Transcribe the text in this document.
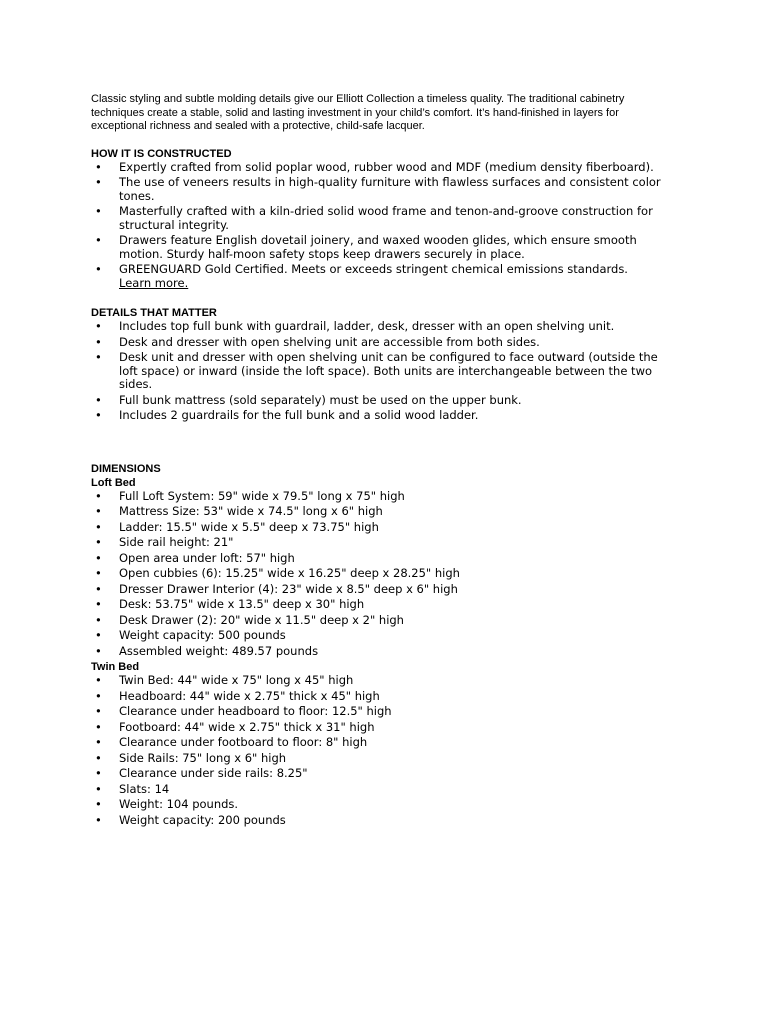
Classic styling and subtle molding details give our Elliott Collection a timeless quality. The traditional cabinetry techniques create a stable, solid and lasting investment in your child’s comfort. It’s hand-finished in layers for exceptional richness and sealed with a protective, child-safe lacquer.

HOW IT IS CONSTRUCTED
• Expertly crafted from solid poplar wood, rubber wood and MDF (medium density fiberboard).
• The use of veneers results in high-quality furniture with flawless surfaces and consistent color tones.
• Masterfully crafted with a kiln-dried solid wood frame and tenon-and-groove construction for structural integrity.
• Drawers feature English dovetail joinery, and waxed wooden glides, which ensure smooth motion. Sturdy half-moon safety stops keep drawers securely in place.
• GREENGUARD Gold Certified. Meets or exceeds stringent chemical emissions standards. Learn more.
DETAILS THAT MATTER
• Includes top full bunk with guardrail, ladder, desk, dresser with an open shelving unit.
• Desk and dresser with open shelving unit are accessible from both sides.
• Desk unit and dresser with open shelving unit can be configured to face outward (outside the loft space) or inward (inside the loft space). Both units are interchangeable between the two sides.
• Full bunk mattress (sold separately) must be used on the upper bunk.
• Includes 2 guardrails for the full bunk and a solid wood ladder.
DIMENSIONS
Loft Bed
• Full Loft System: 59" wide x 79.5" long x 75" high
• Mattress Size: 53" wide x 74.5" long x 6" high
• Ladder: 15.5" wide x 5.5" deep x 73.75" high
• Side rail height: 21"
• Open area under loft: 57" high
• Open cubbies (6): 15.25" wide x 16.25" deep x 28.25" high
• Dresser Drawer Interior (4): 23" wide x 8.5" deep x 6" high
• Desk: 53.75" wide x 13.5" deep x 30" high
• Desk Drawer (2): 20" wide x 11.5" deep x 2" high
• Weight capacity: 500 pounds
• Assembled weight: 489.57 pounds
Twin Bed
• Twin Bed: 44" wide x 75" long x 45" high
• Headboard: 44" wide x 2.75" thick x 45" high
• Clearance under headboard to floor: 12.5" high
• Footboard: 44" wide x 2.75" thick x 31" high
• Clearance under footboard to floor: 8" high
• Side Rails: 75" long x 6" high
• Clearance under side rails: 8.25"
• Slats: 14
• Weight: 104 pounds.
• Weight capacity: 200 pounds
